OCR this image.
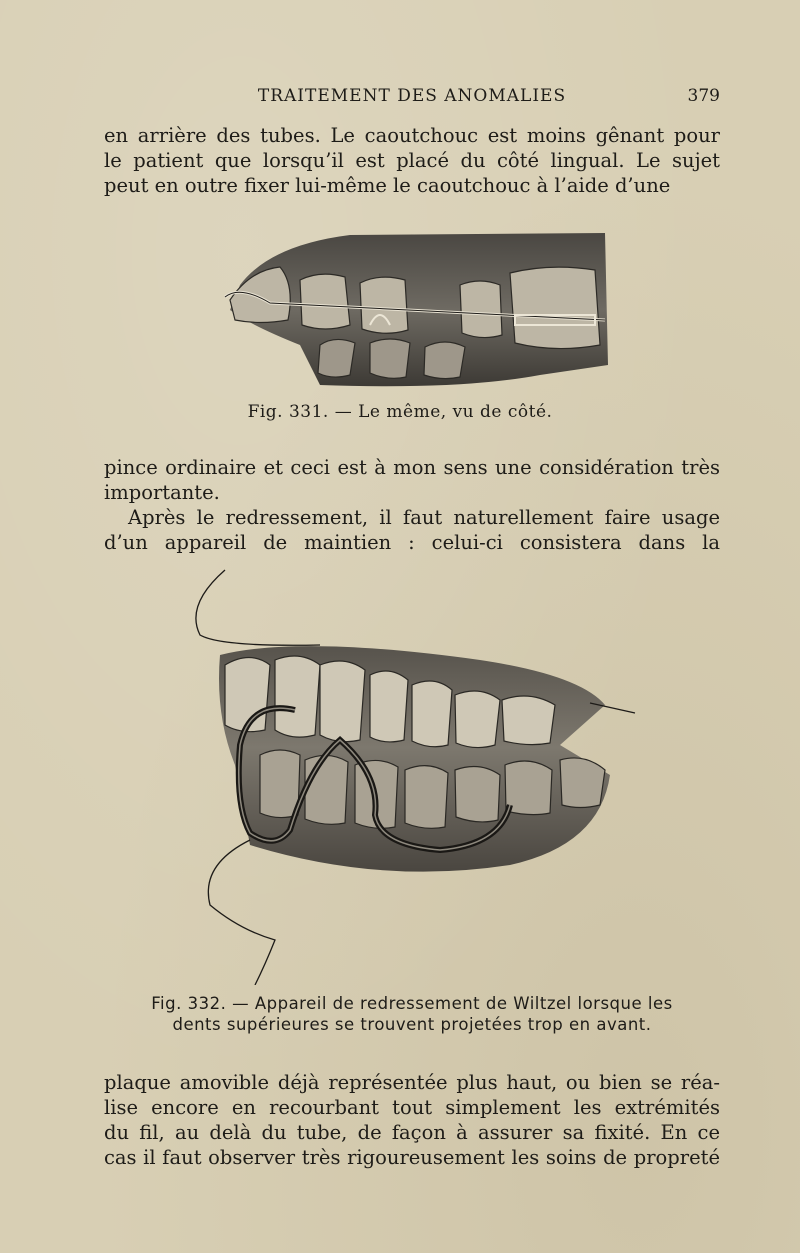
TRAITEMENT DES ANOMALIES	379

en arrière des tubes. Le caoutchouc est moins gênant pour
le patient que lorsqu’il est placé du côté lingual. Le sujet
peut en outre fixer lui-même le caoutchouc à l’aide d’une

Fig. 331. — Le même, vu de côté.

pince ordinaire et ceci est à mon sens une considération très
importante.
Après le redressement, il faut naturellement faire usage
d’un appareil de maintien : celui-ci consistera dans la

Fig. 332. — Appareil de redressement de Wiltzel lorsque les

dents supérieures se trouvent projetées trop en avant.

plaque amovible déjà représentée plus haut, ou bien se réa-
lise encore en recourbant tout simplement les extrémités
du fil, au delà du tube, de façon à assurer sa fixité. En ce
cas il faut observer très rigoureusement les soins de propreté
